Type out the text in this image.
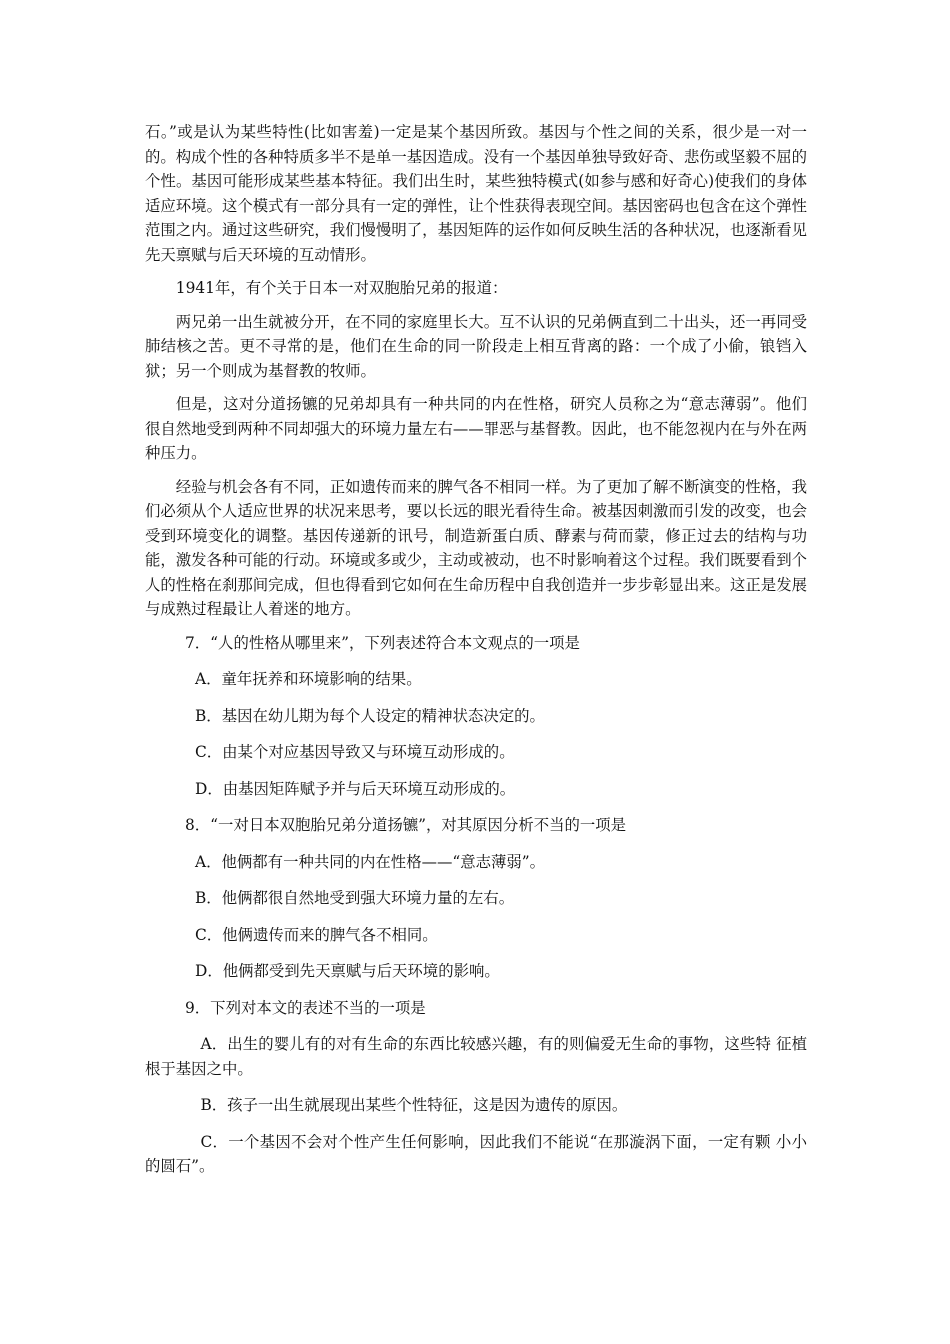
石。”或是认为某些特性(比如害羞)一定是某个基因所致。基因与个性之间的关系，很少是一对一的。构成个性的各种特质多半不是单一基因造成。没有一个基因单独导致好奇、悲伤或坚毅不屈的个性。基因可能形成某些基本特征。我们出生时，某些独特模式(如参与感和好奇心)使我们的身体适应环境。这个模式有一部分具有一定的弹性，让个性获得表现空间。基因密码也包含在这个弹性范围之内。通过这些研究，我们慢慢明了，基因矩阵的运作如何反映生活的各种状况，也逐渐看见先天禀赋与后天环境的互动情形。

1941年，有个关于日本一对双胞胎兄弟的报道：

两兄弟一出生就被分开，在不同的家庭里长大。互不认识的兄弟俩直到二十出头，还一再同受肺结核之苦。更不寻常的是，他们在生命的同一阶段走上相互背离的路：一个成了小偷，锒铛入狱；另一个则成为基督教的牧师。

但是，这对分道扬镳的兄弟却具有一种共同的内在性格，研究人员称之为“意志薄弱”。他们很自然地受到两种不同却强大的环境力量左右——罪恶与基督教。因此，也不能忽视内在与外在两种压力。

经验与机会各有不同，正如遗传而来的脾气各不相同一样。为了更加了解不断演变的性格，我们必须从个人适应世界的状况来思考，要以长远的眼光看待生命。被基因刺激而引发的改变，也会受到环境变化的调整。基因传递新的讯号，制造新蛋白质、酵素与荷而蒙，修正过去的结构与功能，激发各种可能的行动。环境或多或少，主动或被动，也不时影响着这个过程。我们既要看到个人的性格在刹那间完成，但也得看到它如何在生命历程中自我创造并一步步彰显出来。这正是发展与成熟过程最让人着迷的地方。

7．“人的性格从哪里来”，下列表述符合本文观点的一项是

A．童年抚养和环境影响的结果。

B．基因在幼儿期为每个人设定的精神状态决定的。

C．由某个对应基因导致又与环境互动形成的。

D．由基因矩阵赋予并与后天环境互动形成的。

8．“一对日本双胞胎兄弟分道扬镳”，对其原因分析不当的一项是

A．他俩都有一种共同的内在性格——“意志薄弱”。

B．他俩都很自然地受到强大环境力量的左右。

C．他俩遗传而来的脾气各不相同。

D．他俩都受到先天禀赋与后天环境的影响。

9．下列对本文的表述不当的一项是

A．出生的婴儿有的对有生命的东西比较感兴趣，有的则偏爱无生命的事物，这些特 征植根于基因之中。

B．孩子一出生就展现出某些个性特征，这是因为遗传的原因。

C．一个基因不会对个性产生任何影响，因此我们不能说“在那漩涡下面，一定有颗 小小的圆石”。
